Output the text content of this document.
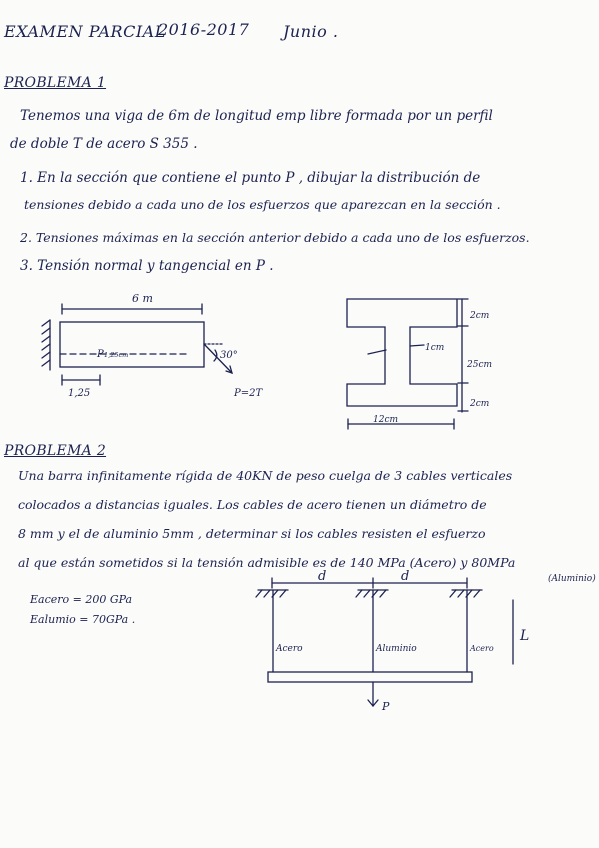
EXAMEN PARCIAL
2016-2017 Junio .
PROBLEMA 1
Tenemos una viga de 6m de longitud emp libre formada por un perfil
de doble T de acero S 355 .
1. En la sección que contiene el punto P , dibujar la distribución de
tensiones debido a cada uno de los esfuerzos que aparezcan en la sección .
2. Tensiones máximas en la sección anterior debido a cada uno de los esfuerzos.
3. Tensión normal y tangencial en P .
PROBLEMA 2
Una barra infinitamente rígida de 40KN de peso cuelga de 3 cables verticales
colocados a distancias iguales. Los cables de acero tienen un diámetro de
8 mm y el de aluminio 5mm , determinar si los cables resisten el esfuerzo
al que están sometidos si la tensión admisible es de 140 MPa (Acero) y 80MPa
(Aluminio)
Eacero = 200 GPa
Ealumio = 70GPa .
6 m
P 1,25cm	30°
P=2T
1,25
1cm
2cm
25cm
2cm
12cm
d	d
Acero	Aluminio	Acero
L
P
